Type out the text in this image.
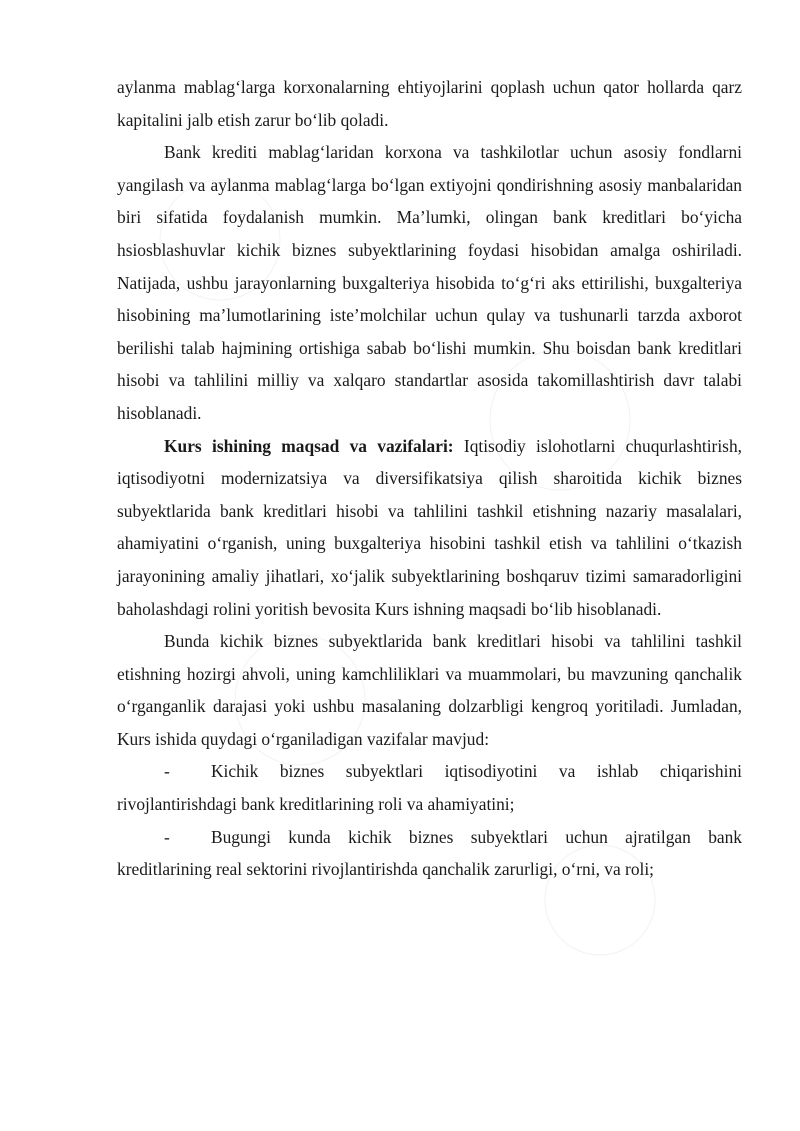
aylanma mablag‘larga korxonalarning ehtiyojlarini qoplash uchun qator hollarda qarz kapitalini jalb etish zarur bo‘lib qoladi.

Bank krediti mablag‘laridan korxona va tashkilotlar uchun asosiy fondlarni yangilash va aylanma mablag‘larga bo‘lgan extiyojni qondirishning asosiy manbalaridan biri sifatida foydalanish mumkin. Ma’lumki, olingan bank kreditlari bo‘yicha hsiosblashuvlar kichik biznes subyektlarining foydasi hisobidan amalga oshiriladi. Natijada, ushbu jarayonlarning buxgalteriya hisobida to‘g‘ri aks ettirilishi, buxgalteriya hisobining ma’lumotlarining iste’molchilar uchun qulay va tushunarli tarzda axborot berilishi talab hajmining ortishiga sabab bo‘lishi mumkin. Shu boisdan bank kreditlari hisobi va tahlilini milliy va xalqaro standartlar asosida takomillashtirish davr talabi hisoblanadi.

Kurs ishining maqsad va vazifalari: Iqtisodiy islohotlarni chuqurlashtirish, iqtisodiyotni modernizatsiya va diversifikatsiya qilish sharoitida kichik biznes subyektlarida bank kreditlari hisobi va tahlilini tashkil etishning nazariy masalalari, ahamiyatini o‘rganish, uning buxgalteriya hisobini tashkil etish va tahlilini o‘tkazish jarayonining amaliy jihatlari, xo‘jalik subyektlarining boshqaruv tizimi samaradorligini baholashdagi rolini yoritish bevosita Kurs ishning maqsadi bo‘lib hisoblanadi.

Bunda kichik biznes subyektlarida bank kreditlari hisobi va tahlilini tashkil etishning hozirgi ahvoli, uning kamchliliklari va muammolari, bu mavzuning qanchalik o‘rganganlik darajasi yoki ushbu masalaning dolzarbligi kengroq yoritiladi. Jumladan, Kurs ishida quydagi o‘rganiladigan vazifalar mavjud:

- Kichik biznes subyektlari iqtisodiyotini va ishlab chiqarishini rivojlantirishdagi bank kreditlarining roli va ahamiyatini;

- Bugungi kunda kichik biznes subyektlari uchun ajratilgan bank kreditlarining real sektorini rivojlantirishda qanchalik zarurligi, o‘rni, va roli;
